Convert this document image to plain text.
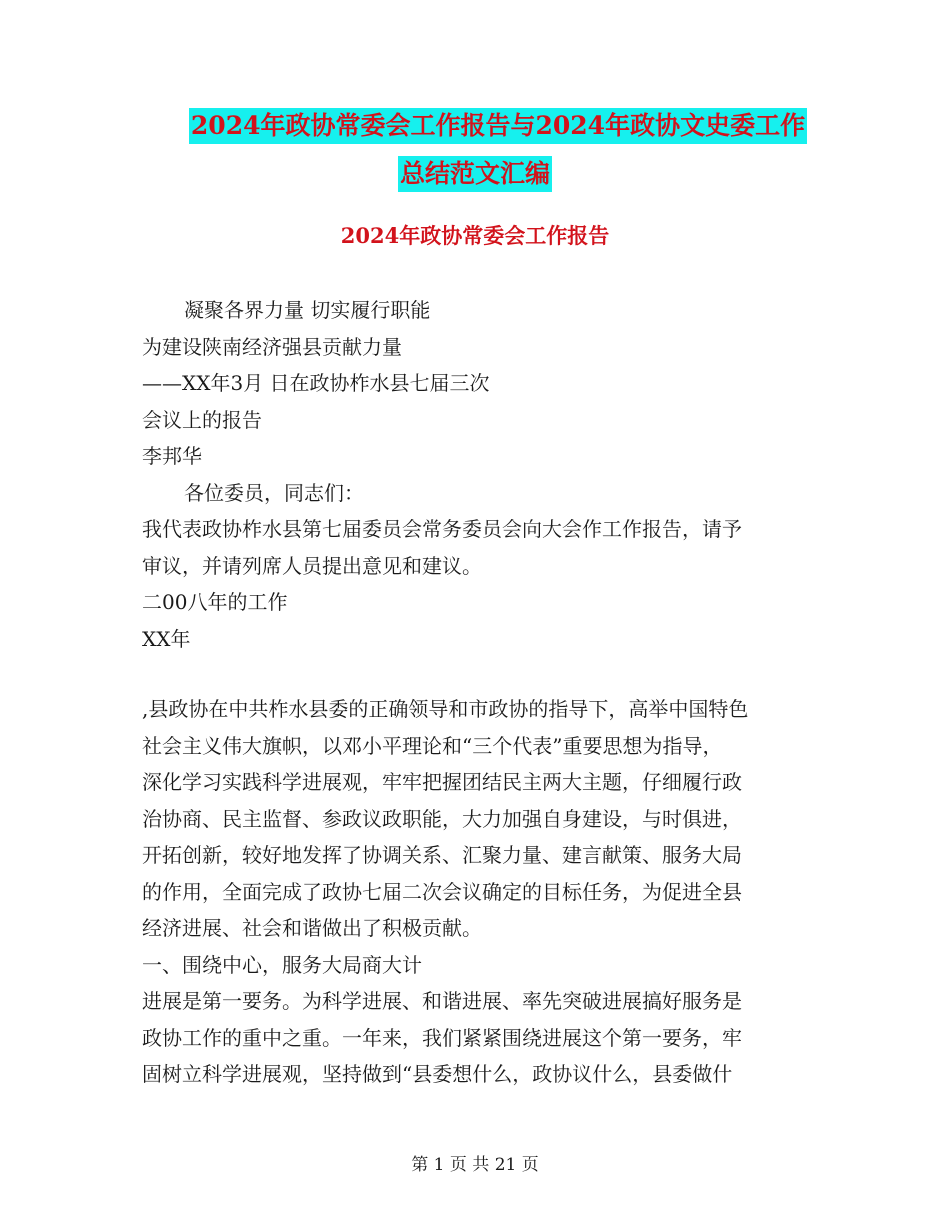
2024年政协常委会工作报告与2024年政协文史委工作
总结范文汇编
2024年政协常委会工作报告
凝聚各界力量 切实履行职能
为建设陕南经济强县贡献力量
——XX年3月 日在政协柞水县七届三次
会议上的报告
李邦华
各位委员，同志们：
我代表政协柞水县第七届委员会常务委员会向大会作工作报告，请予
审议，并请列席人员提出意见和建议。
二00八年的工作
XX年
,县政协在中共柞水县委的正确领导和市政协的指导下，高举中国特色
社会主义伟大旗帜，以邓小平理论和“三个代表”重要思想为指导，
深化学习实践科学进展观，牢牢把握团结民主两大主题，仔细履行政
治协商、民主监督、参政议政职能，大力加强自身建设，与时俱进，
开拓创新，较好地发挥了协调关系、汇聚力量、建言献策、服务大局
的作用，全面完成了政协七届二次会议确定的目标任务，为促进全县
经济进展、社会和谐做出了积极贡献。
一、围绕中心，服务大局商大计
进展是第一要务。为科学进展、和谐进展、率先突破进展搞好服务是
政协工作的重中之重。一年来，我们紧紧围绕进展这个第一要务，牢
固树立科学进展观，坚持做到“县委想什么，政协议什么，县委做什
第 1 页 共 21 页
